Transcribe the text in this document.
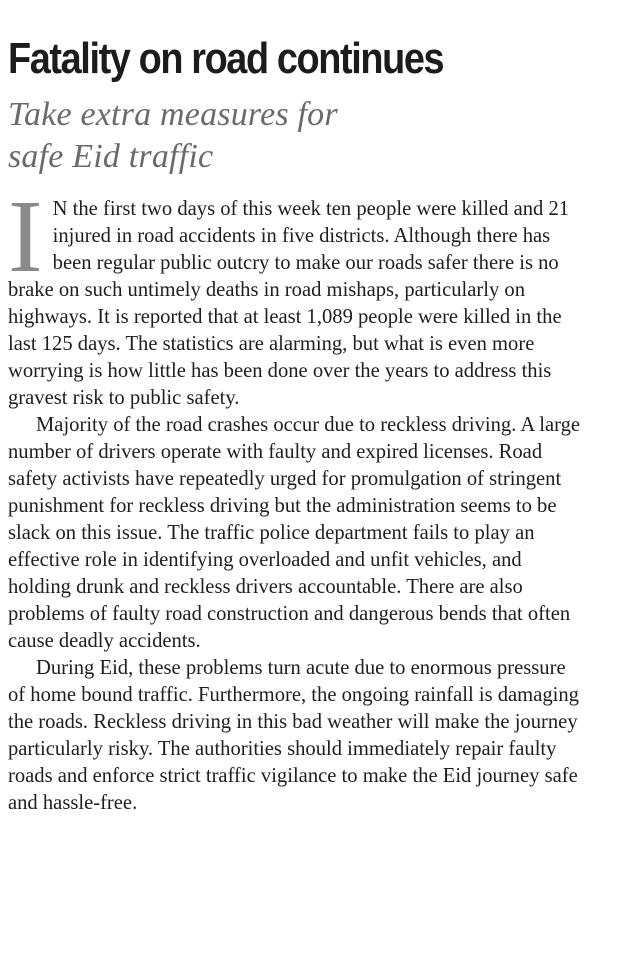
Fatality on road continues
Take extra measures for
safe Eid traffic

I N the first two days of this week ten people were killed and 21 injured in road accidents in five districts. Although there has been regular public outcry to make our roads safer there is no brake on such untimely deaths in road mishaps, particularly on highways. It is reported that at least 1,089 people were killed in the last 125 days. The statistics are alarming, but what is even more worrying is how little has been done over the years to address this gravest risk to public safety.

Majority of the road crashes occur due to reckless driving. A large number of drivers operate with faulty and expired licenses. Road safety activists have repeatedly urged for promulgation of stringent punishment for reckless driving but the administration seems to be slack on this issue. The traffic police department fails to play an effective role in identifying overloaded and unfit vehicles, and holding drunk and reckless drivers accountable. There are also problems of faulty road construction and dangerous bends that often cause deadly accidents.

During Eid, these problems turn acute due to enormous pressure of home bound traffic. Furthermore, the ongoing rainfall is damaging the roads. Reckless driving in this bad weather will make the journey particularly risky. The authorities should immediately repair faulty roads and enforce strict traffic vigilance to make the Eid journey safe and hassle-free.
